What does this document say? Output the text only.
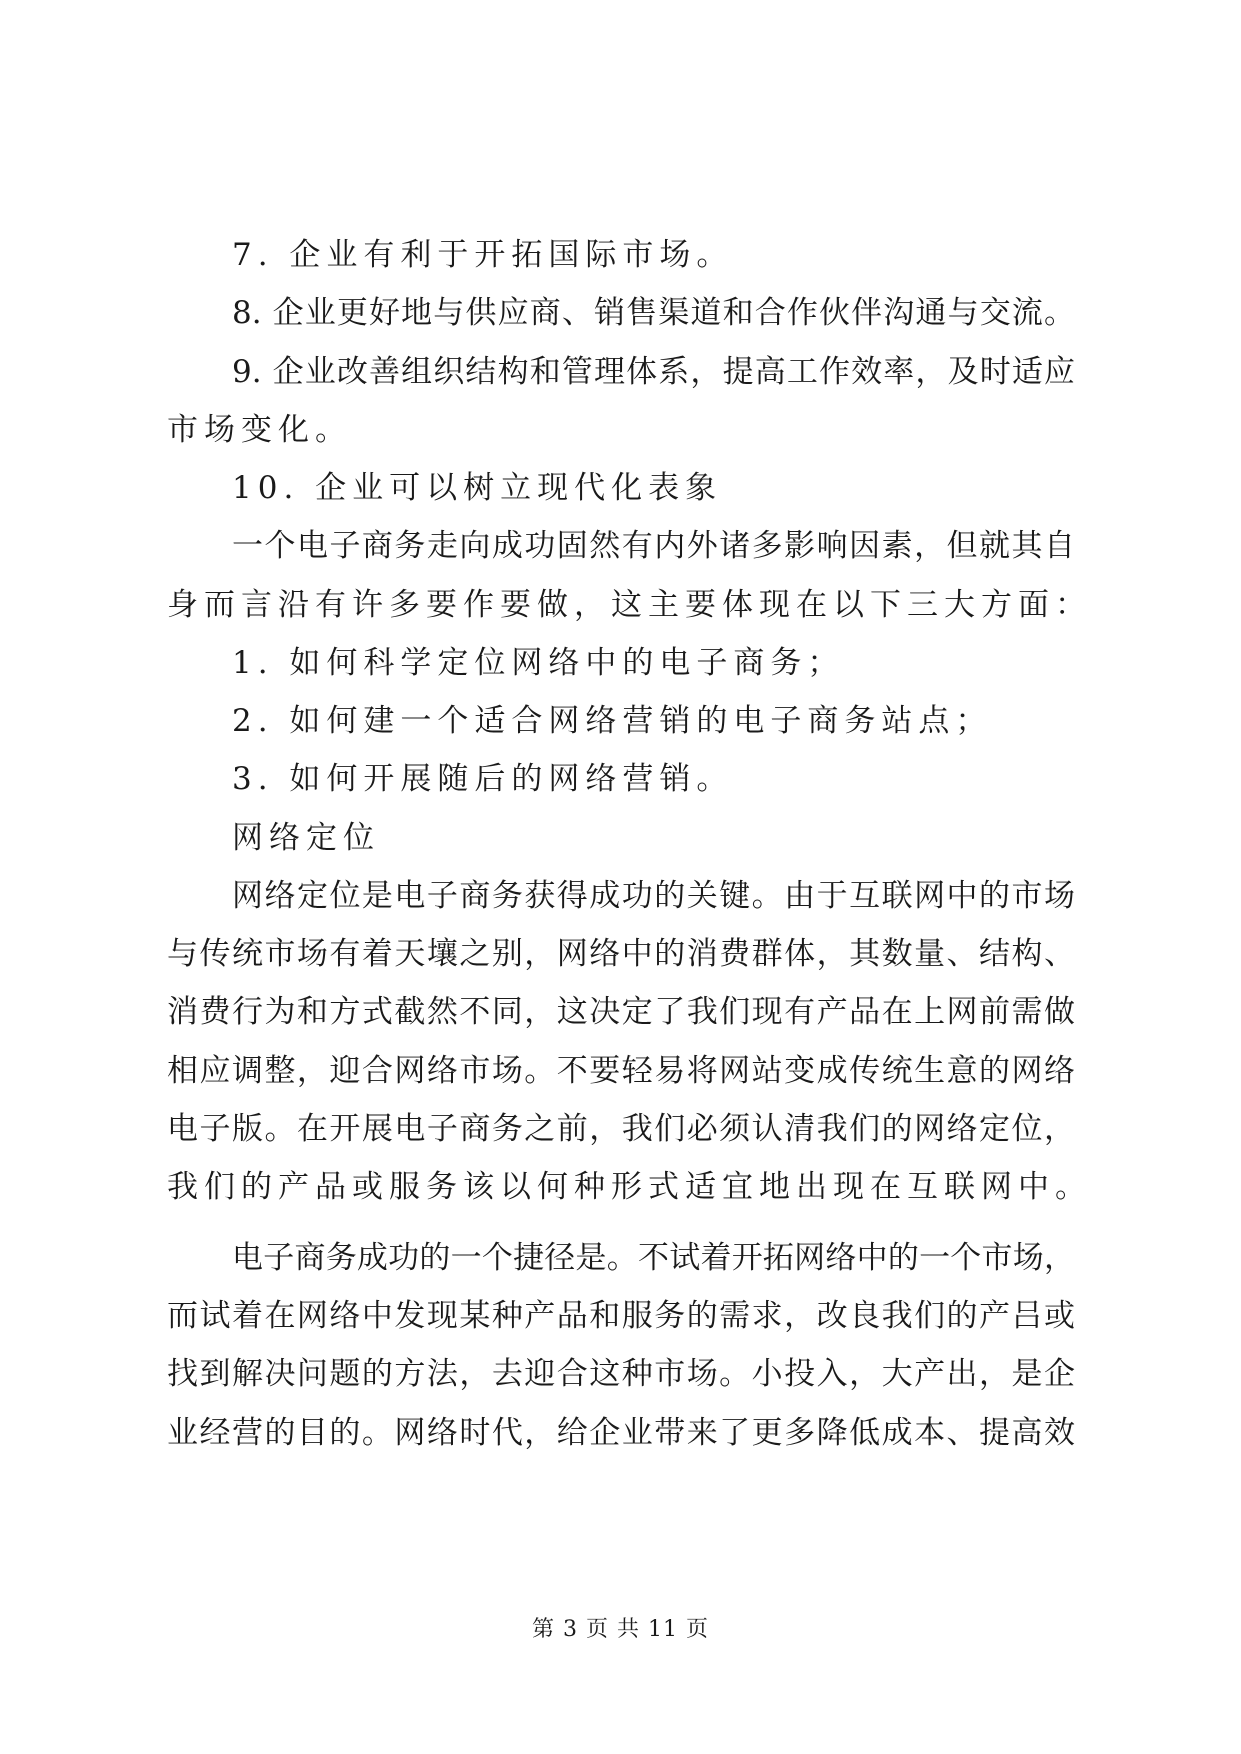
7. 企业有利于开拓国际市场。
8. 企业更好地与供应商、销售渠道和合作伙伴沟通与交流。
9. 企业改善组织结构和管理体系，提高工作效率，及时适应
市场变化。
10. 企业可以树立现代化表象
一个电子商务走向成功固然有内外诸多影响因素，但就其自
身而言沿有许多要作要做，这主要体现在以下三大方面：
1. 如何科学定位网络中的电子商务；
2. 如何建一个适合网络营销的电子商务站点；
3. 如何开展随后的网络营销。
网络定位
网络定位是电子商务获得成功的关键。由于互联网中的市场
与传统市场有着天壤之别，网络中的消费群体，其数量、结构、
消费行为和方式截然不同，这决定了我们现有产品在上网前需做
相应调整，迎合网络市场。不要轻易将网站变成传统生意的网络
电子版。在开展电子商务之前，我们必须认清我们的网络定位，
我们的产品或服务该以何种形式适宜地出现在互联网中。
电子商务成功的一个捷径是。不试着开拓网络中的一个市场，
而试着在网络中发现某种产品和服务的需求，改良我们的产吕或
找到解决问题的方法，去迎合这种市场。小投入，大产出，是企
业经营的目的。网络时代，给企业带来了更多降低成本、提高效
第 3 页 共 11 页
